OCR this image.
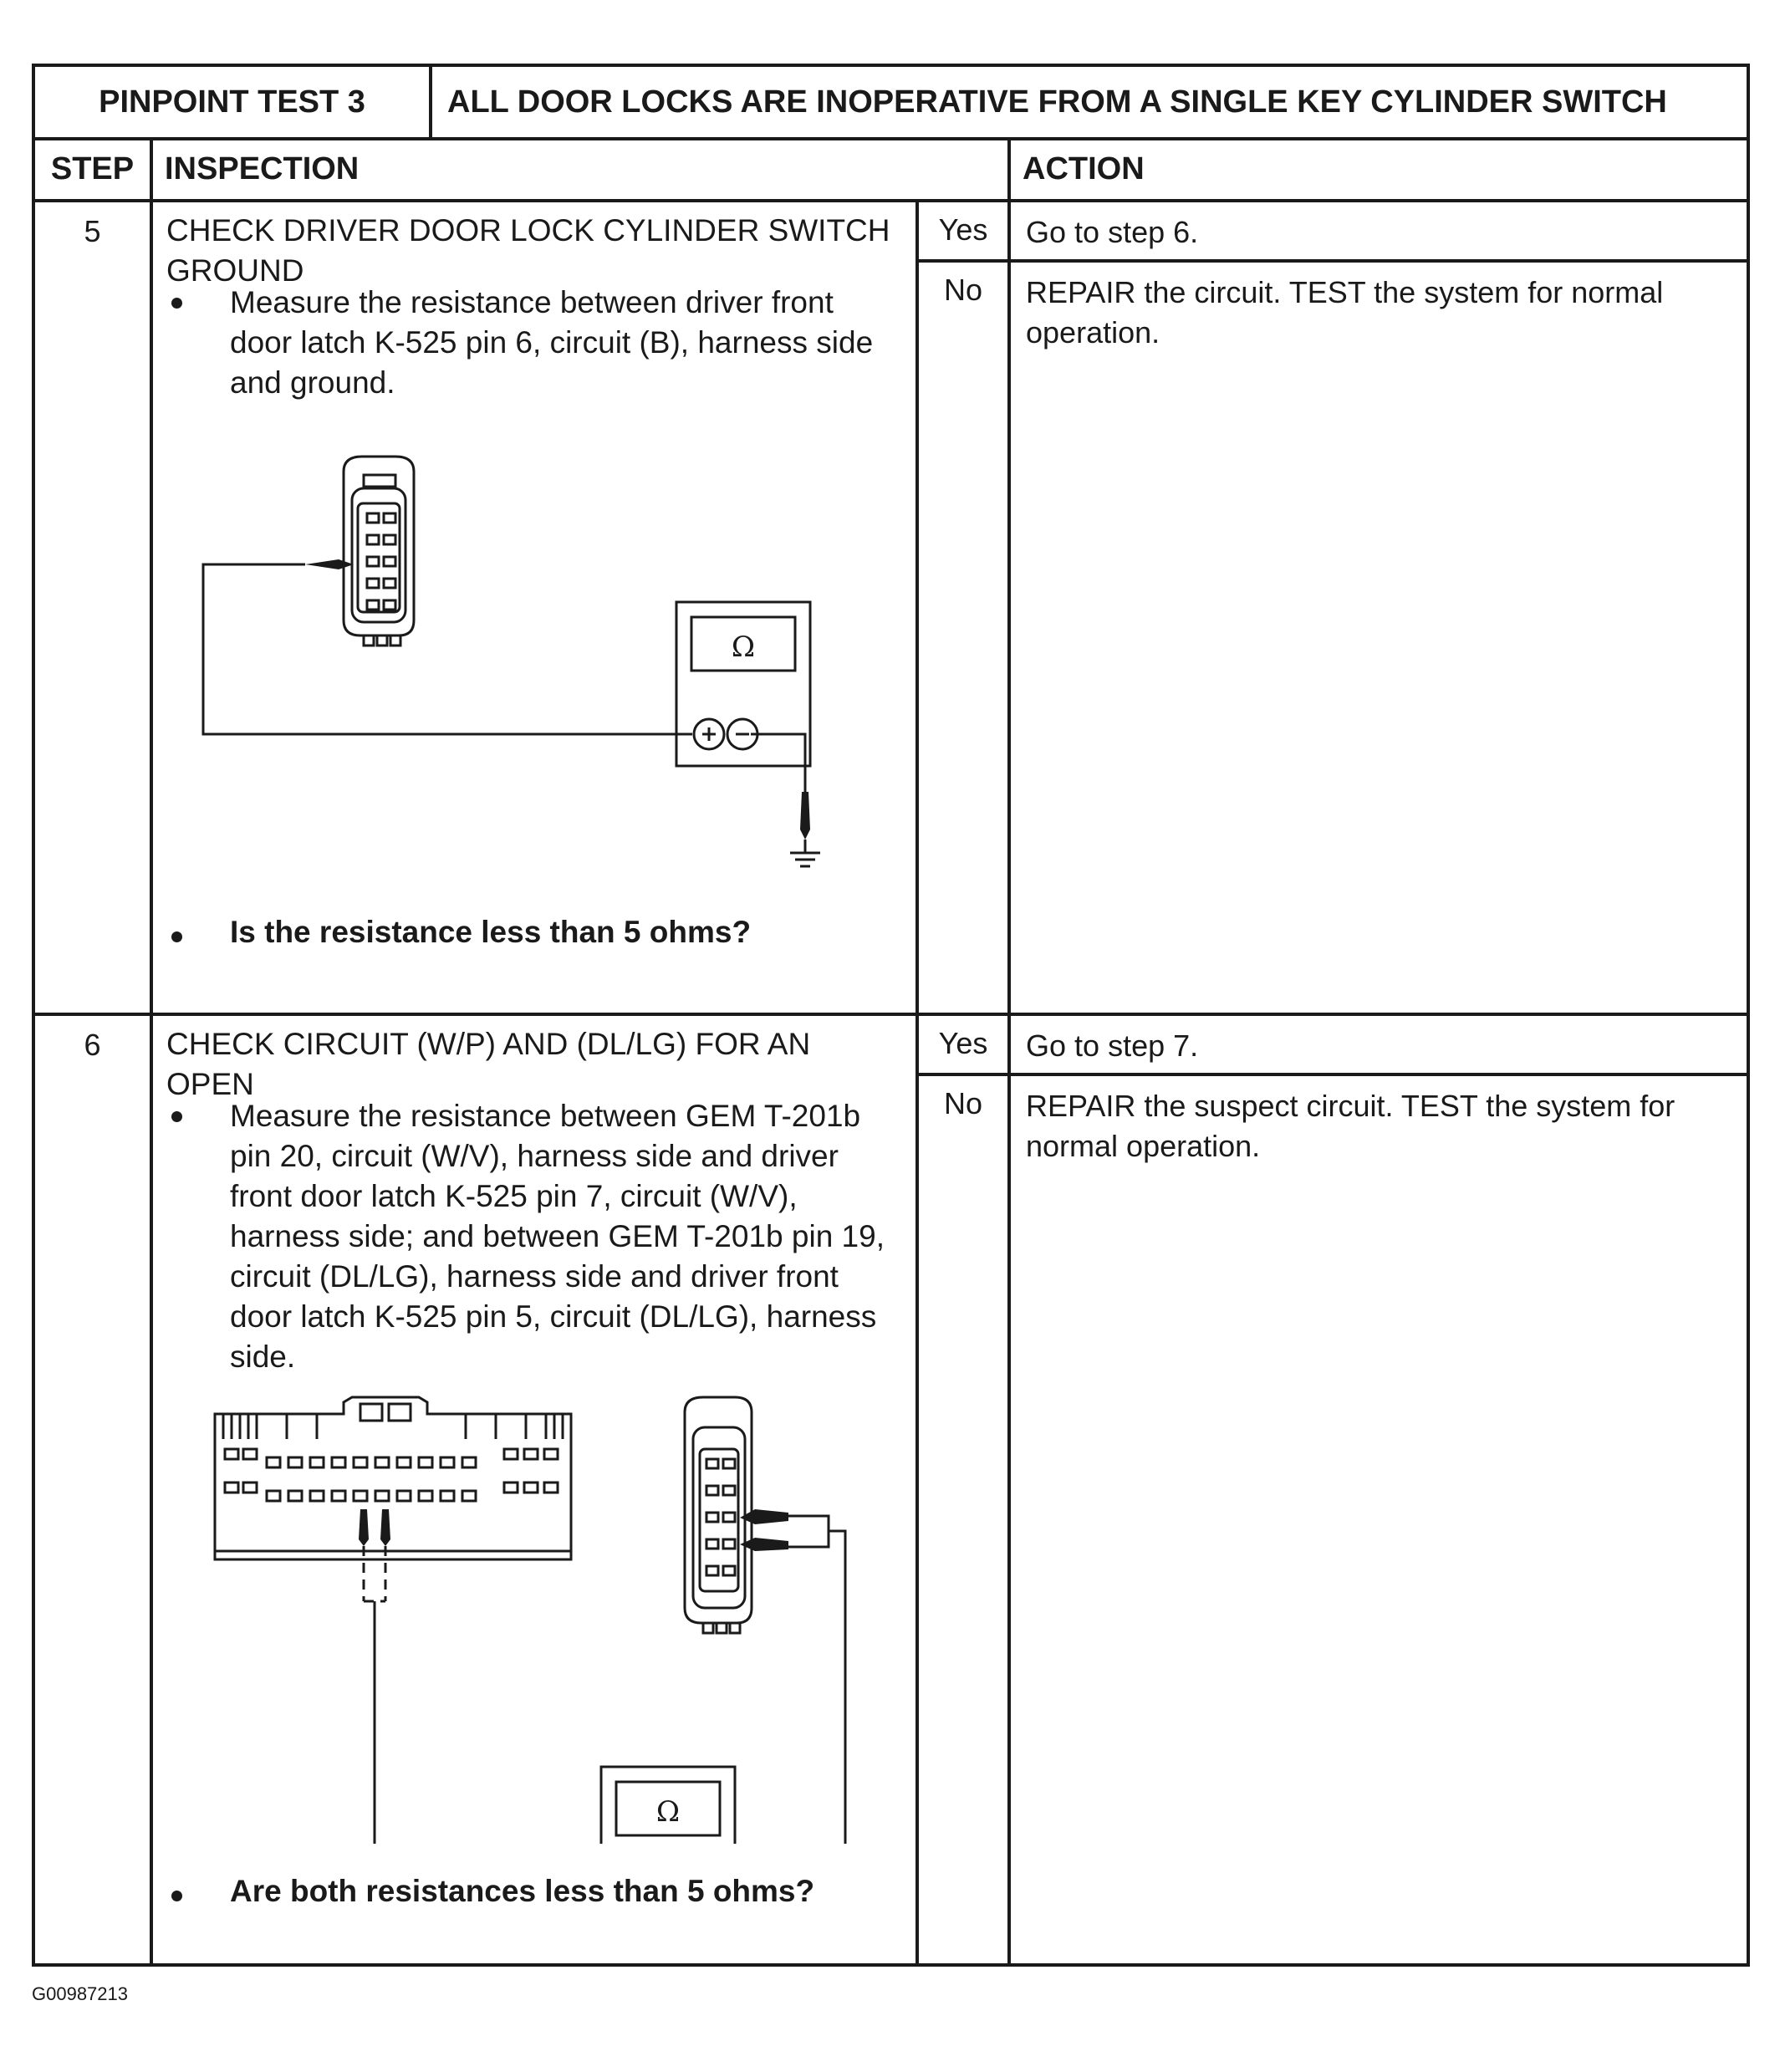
PINPOINT TEST 3		ALL DOOR LOCKS ARE INOPERATIVE FROM A SINGLE KEY CYLINDER SWITCH		
STEP	INSPECTION			ACTION
5	CHECK DRIVER DOOR LOCK CYLINDER SWITCH GROUND
Measure the resistance between driver front door latch K-525 pin 6, circuit (B), harness side and ground.
Ω
Is the resistance less than 5 ohms?		Yes	Go to step 6.
			No	REPAIR the circuit. TEST the system for normal operation.
6	CHECK CIRCUIT (W/P) AND (DL/LG) FOR AN OPEN
Measure the resistance between GEM T-201b pin 20, circuit (W/V), harness side and driver front door latch K-525 pin 7, circuit (W/V), harness side; and between GEM T-201b pin 19, circuit (DL/LG), harness side and driver front door latch K-525 pin 5, circuit (DL/LG), harness side.
Ω
Are both resistances less than 5 ohms?		Yes	Go to step 7.
			No	REPAIR the suspect circuit. TEST the system for normal operation.
G00987213
